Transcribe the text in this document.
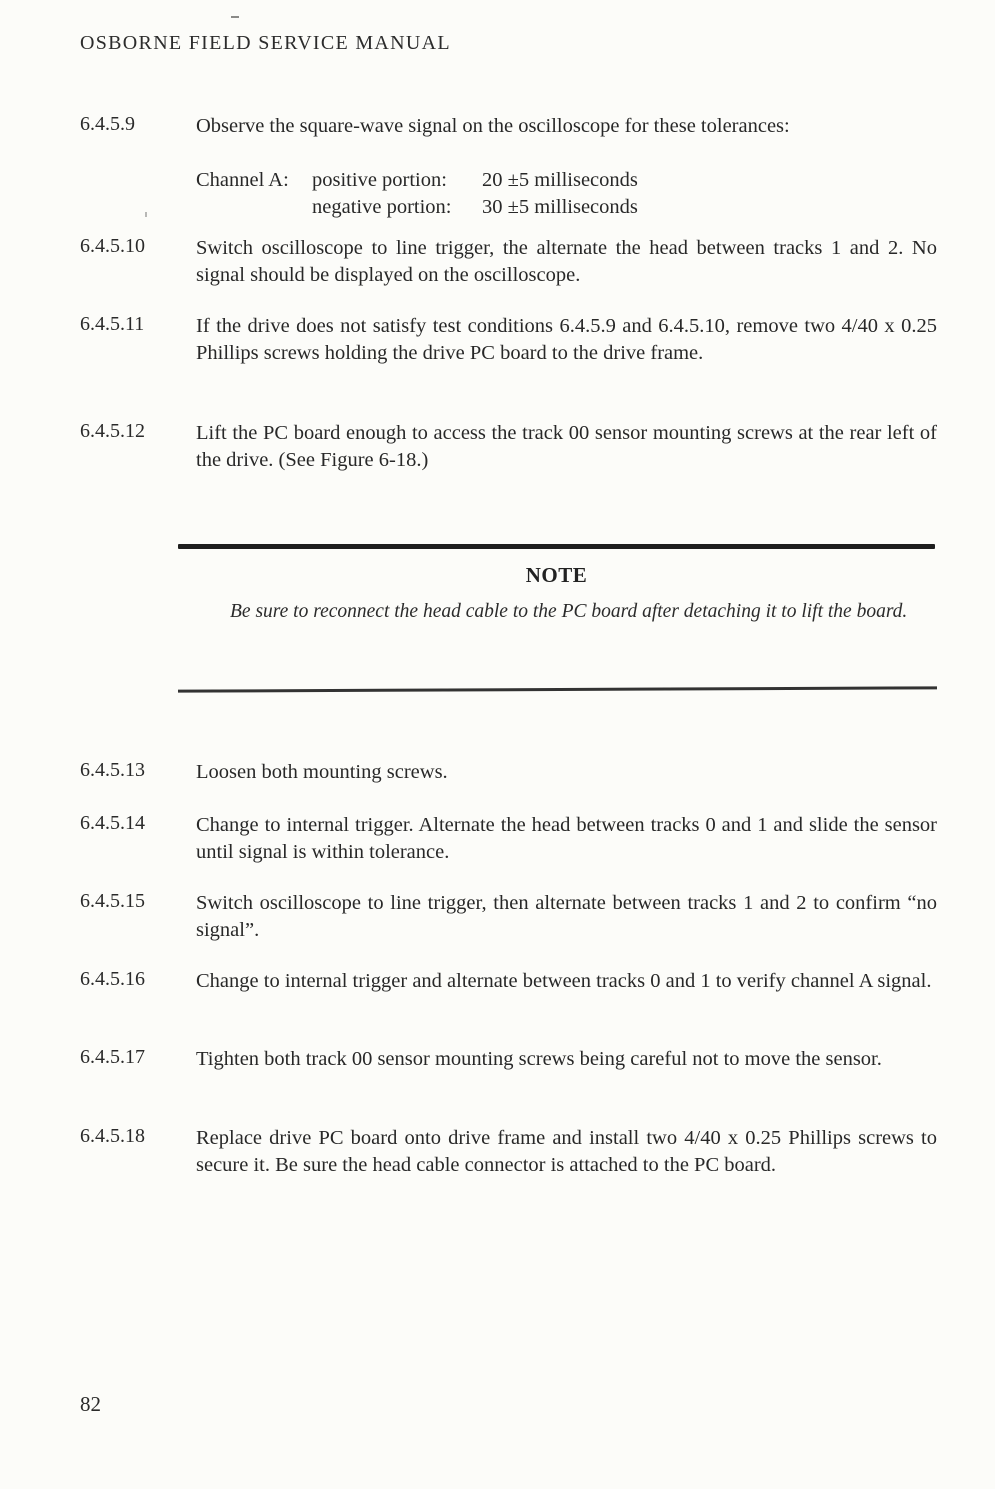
OSBORNE FIELD SERVICE MANUAL
6.4.5.9	Observe the square-wave signal on the oscilloscope for these tolerances:
Channel A:	positive portion:	20 ±5 milliseconds
negative portion:	30 ±5 milliseconds
6.4.5.10	Switch oscilloscope to line trigger, the alternate the head between tracks 1 and 2. No signal should be displayed on the oscilloscope.
6.4.5.11	If the drive does not satisfy test conditions 6.4.5.9 and 6.4.5.10, remove two 4/40 x 0.25 Phillips screws holding the drive PC board to the drive frame.
6.4.5.12	Lift the PC board enough to access the track 00 sensor mounting screws at the rear left of the drive. (See Figure 6-18.)
NOTE
Be sure to reconnect the head cable to the PC board after detaching it to lift the board.
6.4.5.13	Loosen both mounting screws.
6.4.5.14	Change to internal trigger. Alternate the head between tracks 0 and 1 and slide the sensor until signal is within tolerance.
6.4.5.15	Switch oscilloscope to line trigger, then alternate between tracks 1 and 2 to confirm “no signal”.
6.4.5.16	Change to internal trigger and alternate between tracks 0 and 1 to verify channel A signal.
6.4.5.17	Tighten both track 00 sensor mounting screws being careful not to move the sensor.
6.4.5.18	Replace drive PC board onto drive frame and install two 4/40 x 0.25 Phillips screws to secure it. Be sure the head cable connector is attached to the PC board.
82
